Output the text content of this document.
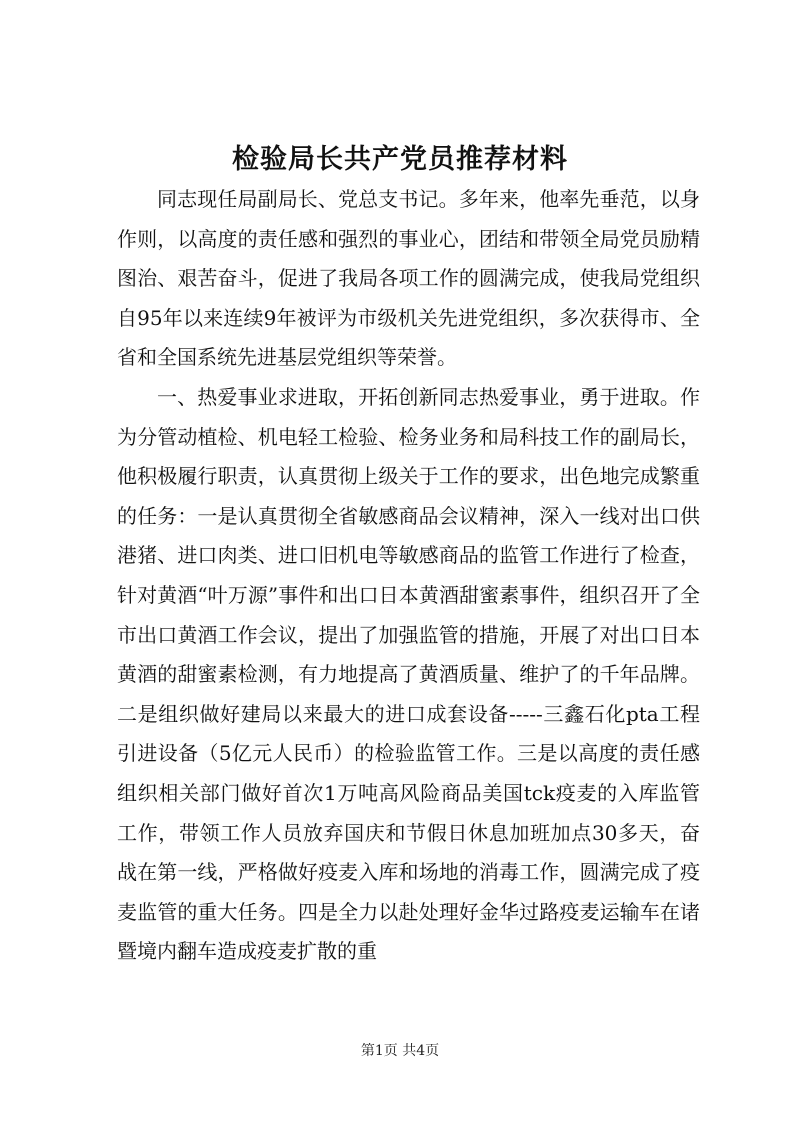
检验局长共产党员推荐材料

同志现任局副局长、党总支书记。多年来，他率先垂范，以身作则，以高度的责任感和强烈的事业心，团结和带领全局党员励精图治、艰苦奋斗，促进了我局各项工作的圆满完成，使我局党组织自95年以来连续9年被评为市级机关先进党组织，多次获得市、全省和全国系统先进基层党组织等荣誉。

一、热爱事业求进取，开拓创新同志热爱事业，勇于进取。作为分管动植检、机电轻工检验、检务业务和局科技工作的副局长，他积极履行职责，认真贯彻上级关于工作的要求，出色地完成繁重的任务：一是认真贯彻全省敏感商品会议精神，深入一线对出口供港猪、进口肉类、进口旧机电等敏感商品的监管工作进行了检查，针对黄酒“叶万源”事件和出口日本黄酒甜蜜素事件，组织召开了全市出口黄酒工作会议，提出了加强监管的措施，开展了对出口日本黄酒的甜蜜素检测，有力地提高了黄酒质量、维护了的千年品牌。二是组织做好建局以来最大的进口成套设备-----三鑫石化pta工程引进设备（5亿元人民币）的检验监管工作。三是以高度的责任感组织相关部门做好首次1万吨高风险商品美国tck疫麦的入库监管工作，带领工作人员放弃国庆和节假日休息加班加点30多天，奋战在第一线，严格做好疫麦入库和场地的消毒工作，圆满完成了疫麦监管的重大任务。四是全力以赴处理好金华过路疫麦运输车在诸暨境内翻车造成疫麦扩散的重

第1页 共4页
